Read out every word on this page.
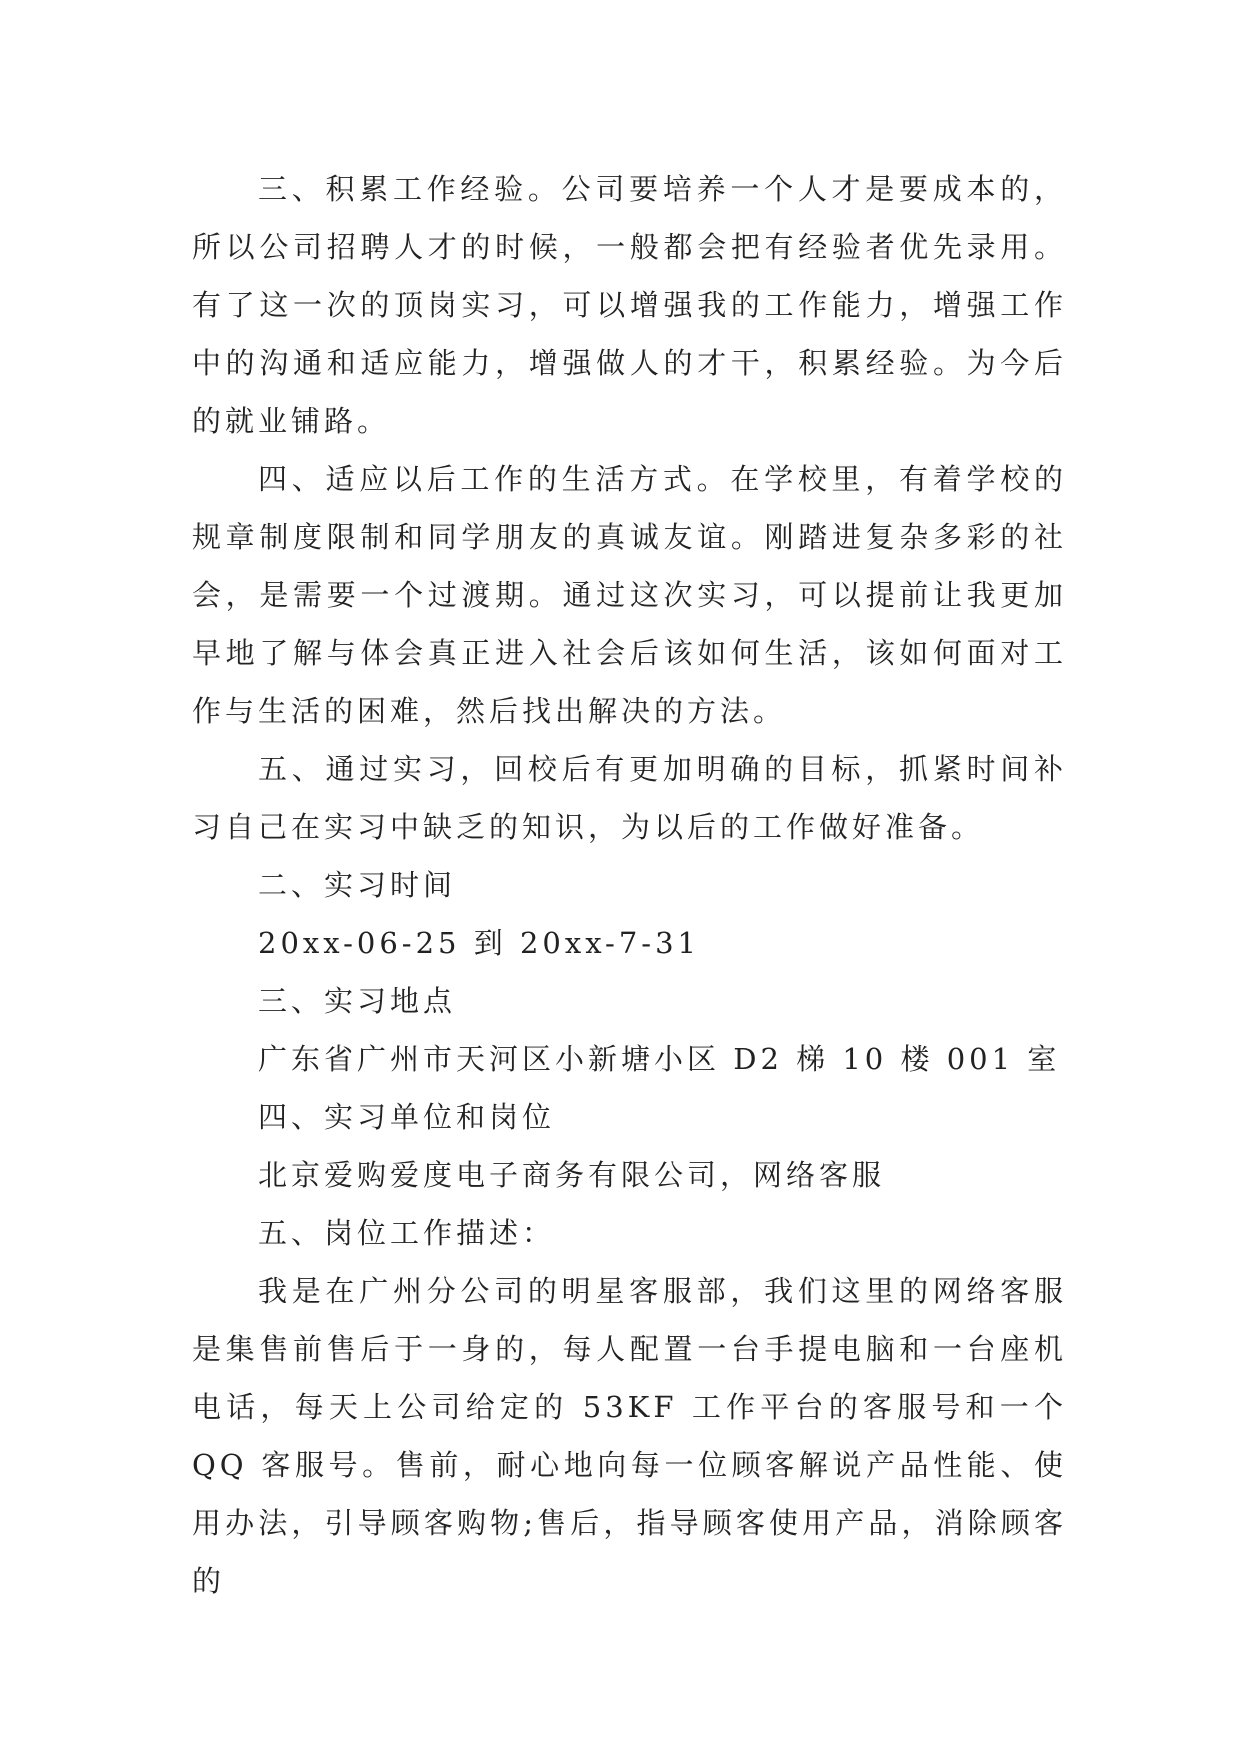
三、积累工作经验。公司要培养一个人才是要成本的，所以公司招聘人才的时候，一般都会把有经验者优先录用。有了这一次的顶岗实习，可以增强我的工作能力，增强工作中的沟通和适应能力，增强做人的才干，积累经验。为今后的就业铺路。

四、适应以后工作的生活方式。在学校里，有着学校的规章制度限制和同学朋友的真诚友谊。刚踏进复杂多彩的社会，是需要一个过渡期。通过这次实习，可以提前让我更加早地了解与体会真正进入社会后该如何生活，该如何面对工作与生活的困难，然后找出解决的方法。

五、通过实习，回校后有更加明确的目标，抓紧时间补习自己在实习中缺乏的知识，为以后的工作做好准备。

二、实习时间

20xx-06-25 到 20xx-7-31

三、实习地点

广东省广州市天河区小新塘小区 D2 梯 10 楼 001 室

四、实习单位和岗位

北京爱购爱度电子商务有限公司，网络客服

五、岗位工作描述：

我是在广州分公司的明星客服部，我们这里的网络客服是集售前售后于一身的，每人配置一台手提电脑和一台座机电话，每天上公司给定的 53KF 工作平台的客服号和一个 QQ 客服号。售前，耐心地向每一位顾客解说产品性能、使用办法，引导顾客购物;售后，指导顾客使用产品，消除顾客的
